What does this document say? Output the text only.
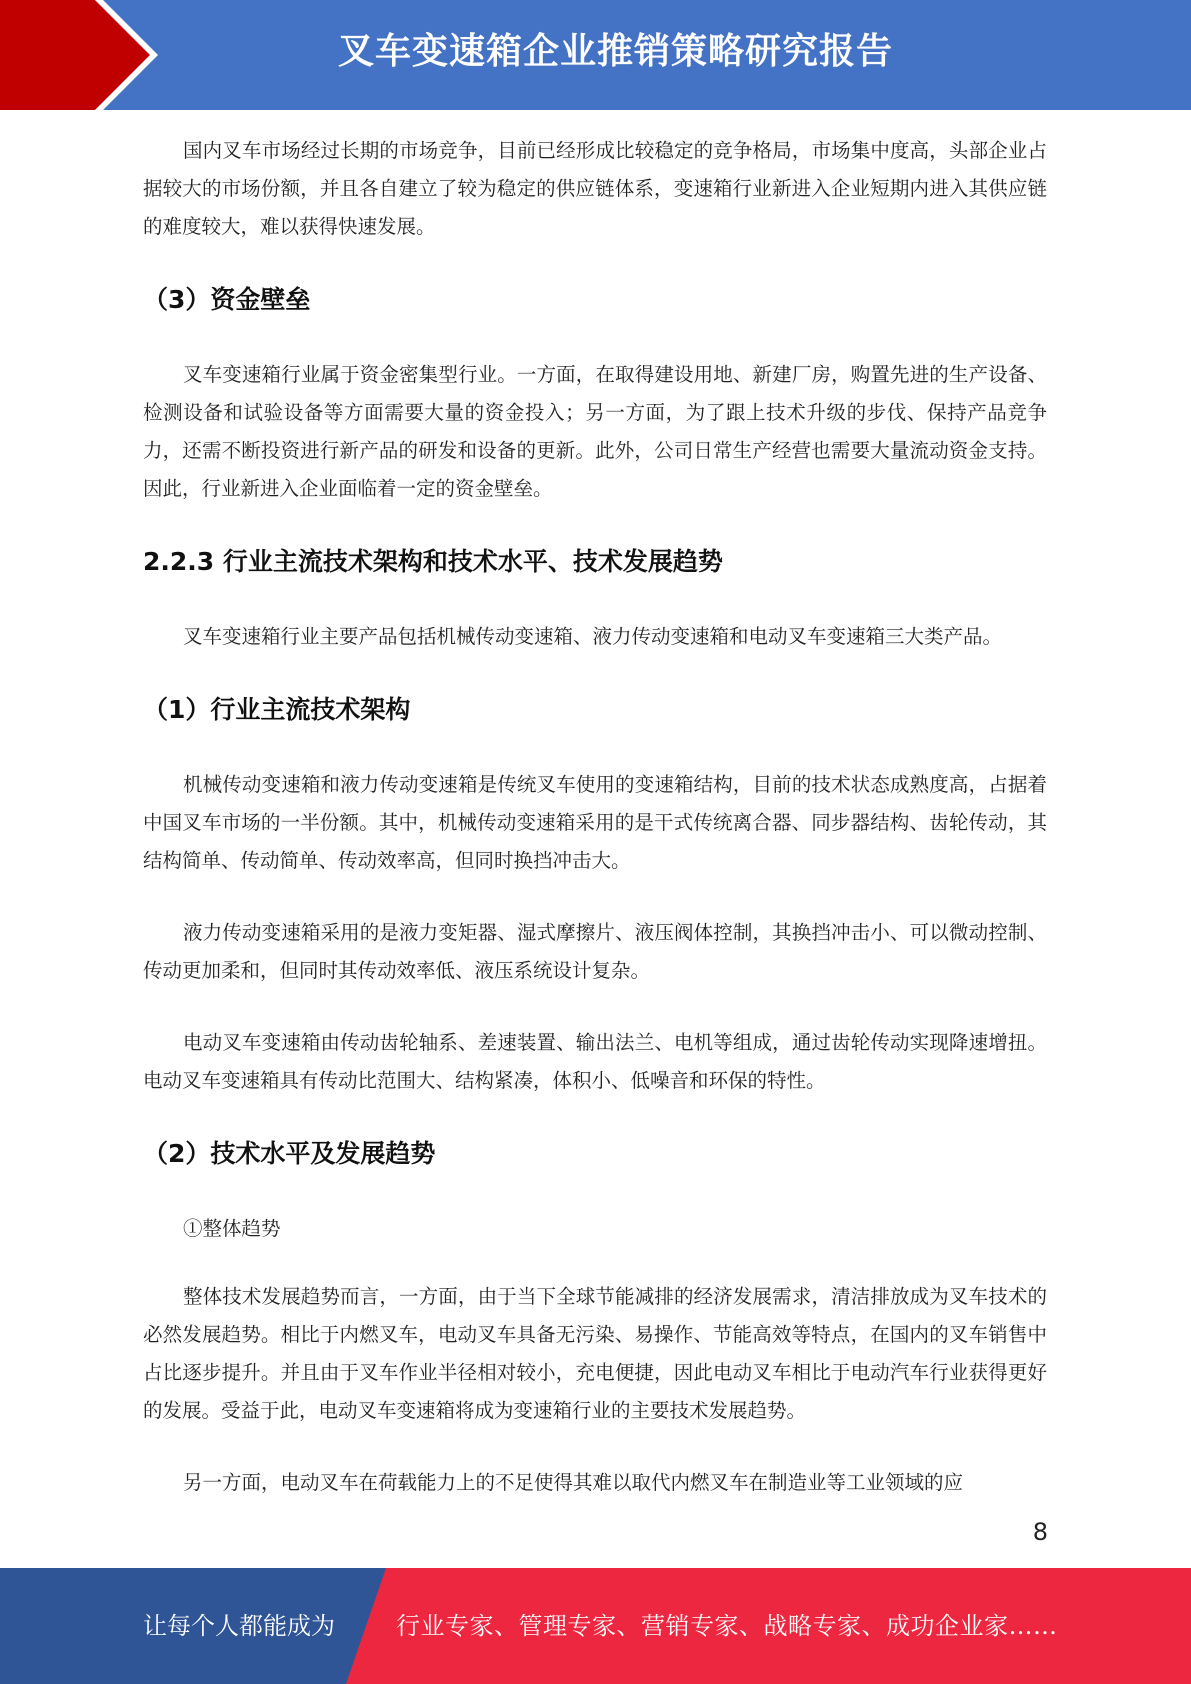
叉车变速箱企业推销策略研究报告

国内叉车市场经过长期的市场竞争，目前已经形成比较稳定的竞争格局，市场集中度高，头部企业占据较大的市场份额，并且各自建立了较为稳定的供应链体系，变速箱行业新进入企业短期内进入其供应链的难度较大，难以获得快速发展。

（3）资金壁垒

叉车变速箱行业属于资金密集型行业。一方面，在取得建设用地、新建厂房，购置先进的生产设备、检测设备和试验设备等方面需要大量的资金投入；另一方面，为了跟上技术升级的步伐、保持产品竞争力，还需不断投资进行新产品的研发和设备的更新。此外，公司日常生产经营也需要大量流动资金支持。因此，行业新进入企业面临着一定的资金壁垒。

2.2.3 行业主流技术架构和技术水平、技术发展趋势

叉车变速箱行业主要产品包括机械传动变速箱、液力传动变速箱和电动叉车变速箱三大类产品。

（1）行业主流技术架构

机械传动变速箱和液力传动变速箱是传统叉车使用的变速箱结构，目前的技术状态成熟度高，占据着中国叉车市场的一半份额。其中，机械传动变速箱采用的是干式传统离合器、同步器结构、齿轮传动，其结构简单、传动简单、传动效率高，但同时换挡冲击大。

液力传动变速箱采用的是液力变矩器、湿式摩擦片、液压阀体控制，其换挡冲击小、可以微动控制、传动更加柔和，但同时其传动效率低、液压系统设计复杂。

电动叉车变速箱由传动齿轮轴系、差速装置、输出法兰、电机等组成，通过齿轮传动实现降速增扭。电动叉车变速箱具有传动比范围大、结构紧凑，体积小、低噪音和环保的特性。

（2）技术水平及发展趋势

①整体趋势

整体技术发展趋势而言，一方面，由于当下全球节能减排的经济发展需求，清洁排放成为叉车技术的必然发展趋势。相比于内燃叉车，电动叉车具备无污染、易操作、节能高效等特点，在国内的叉车销售中占比逐步提升。并且由于叉车作业半径相对较小，充电便捷，因此电动叉车相比于电动汽车行业获得更好的发展。受益于此，电动叉车变速箱将成为变速箱行业的主要技术发展趋势。

另一方面，电动叉车在荷载能力上的不足使得其难以取代内燃叉车在制造业等工业领域的应

8
让每个人都能成为	行业专家、管理专家、营销专家、战略专家、成功企业家……
